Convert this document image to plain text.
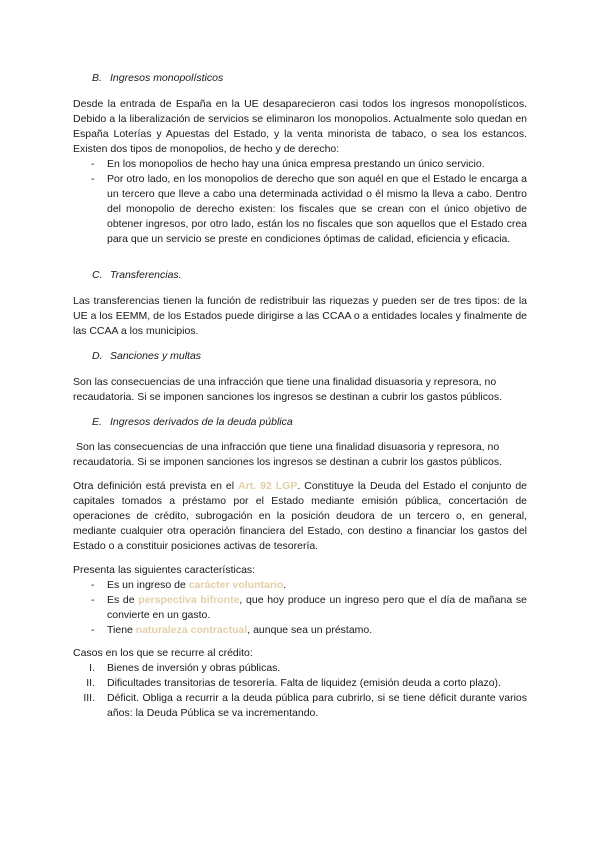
B. Ingresos monopolísticos
Desde la entrada de España en la UE desaparecieron casi todos los ingresos monopolísticos. Debido a la liberalización de servicios se eliminaron los monopolios. Actualmente solo quedan en España Loterías y Apuestas del Estado, y la venta minorista de tabaco, o sea los estancos. Existen dos tipos de monopolios, de hecho y de derecho:
- En los monopolios de hecho hay una única empresa prestando un único servicio.
- Por otro lado, en los monopolios de derecho que son aquél en que el Estado le encarga a un tercero que lleve a cabo una determinada actividad o él mismo la lleva a cabo. Dentro del monopolio de derecho existen: los fiscales que se crean con el único objetivo de obtener ingresos, por otro lado, están los no fiscales que son aquellos que el Estado crea para que un servicio se preste en condiciones óptimas de calidad, eficiencia y eficacia.
C. Transferencias.
Las transferencias tienen la función de redistribuir las riquezas y pueden ser de tres tipos: de la UE a los EEMM, de los Estados puede dirigirse a las CCAA o a entidades locales y finalmente de las CCAA a los municipios.
D. Sanciones y multas
Son las consecuencias de una infracción que tiene una finalidad disuasoria y represora, no recaudatoria. Si se imponen sanciones los ingresos se destinan a cubrir los gastos públicos.
E. Ingresos derivados de la deuda pública
Son las consecuencias de una infracción que tiene una finalidad disuasoria y represora, no recaudatoria. Si se imponen sanciones los ingresos se destinan a cubrir los gastos públicos.
Otra definición está prevista en el Art. 92 LGP. Constituye la Deuda del Estado el conjunto de capitales tomados a préstamo por el Estado mediante emisión pública, concertación de operaciones de crédito, subrogación en la posición deudora de un tercero o, en general, mediante cualquier otra operación financiera del Estado, con destino a financiar los gastos del Estado o a constituir posiciones activas de tesorería.
Presenta las siguientes características:
- Es un ingreso de carácter voluntario.
- Es de perspectiva bifronte, que hoy produce un ingreso pero que el día de mañana se convierte en un gasto.
- Tiene naturaleza contractual, aunque sea un préstamo.
Casos en los que se recurre al crédito:
I. Bienes de inversión y obras públicas.
II. Dificultades transitorias de tesorería. Falta de liquidez (emisión deuda a corto plazo).
III. Déficit. Obliga a recurrir a la deuda pública para cubrirlo, si se tiene déficit durante varios años: la Deuda Pública se va incrementando.
